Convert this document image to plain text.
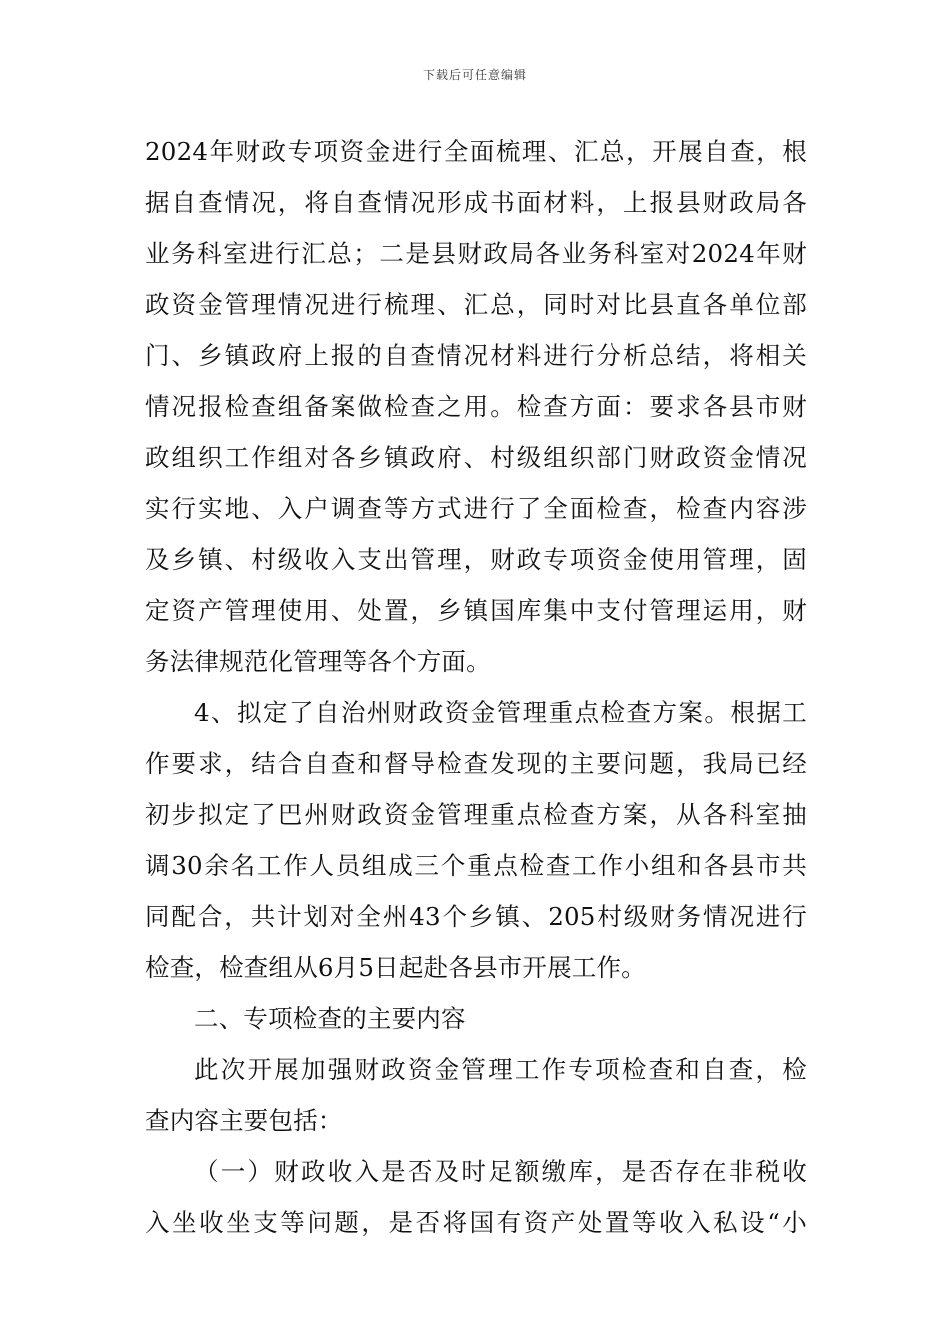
下载后可任意编辑
2024年财政专项资金进行全面梳理、汇总，开展自查，根
据自查情况，将自查情况形成书面材料，上报县财政局各
业务科室进行汇总；二是县财政局各业务科室对2024年财
政资金管理情况进行梳理、汇总，同时对比县直各单位部
门、乡镇政府上报的自查情况材料进行分析总结，将相关
情况报检查组备案做检查之用。检查方面：要求各县市财
政组织工作组对各乡镇政府、村级组织部门财政资金情况
实行实地、入户调查等方式进行了全面检查，检查内容涉
及乡镇、村级收入支出管理，财政专项资金使用管理，固
定资产管理使用、处置，乡镇国库集中支付管理运用，财
务法律规范化管理等各个方面。
4、拟定了自治州财政资金管理重点检查方案。根据工
作要求，结合自查和督导检查发现的主要问题，我局已经
初步拟定了巴州财政资金管理重点检查方案，从各科室抽
调30余名工作人员组成三个重点检查工作小组和各县市共
同配合，共计划对全州43个乡镇、205村级财务情况进行
检查，检查组从6月5日起赴各县市开展工作。
二、专项检查的主要内容
此次开展加强财政资金管理工作专项检查和自查，检
查内容主要包括：
（一）财政收入是否及时足额缴库，是否存在非税收
入坐收坐支等问题，是否将国有资产处置等收入私设“小
